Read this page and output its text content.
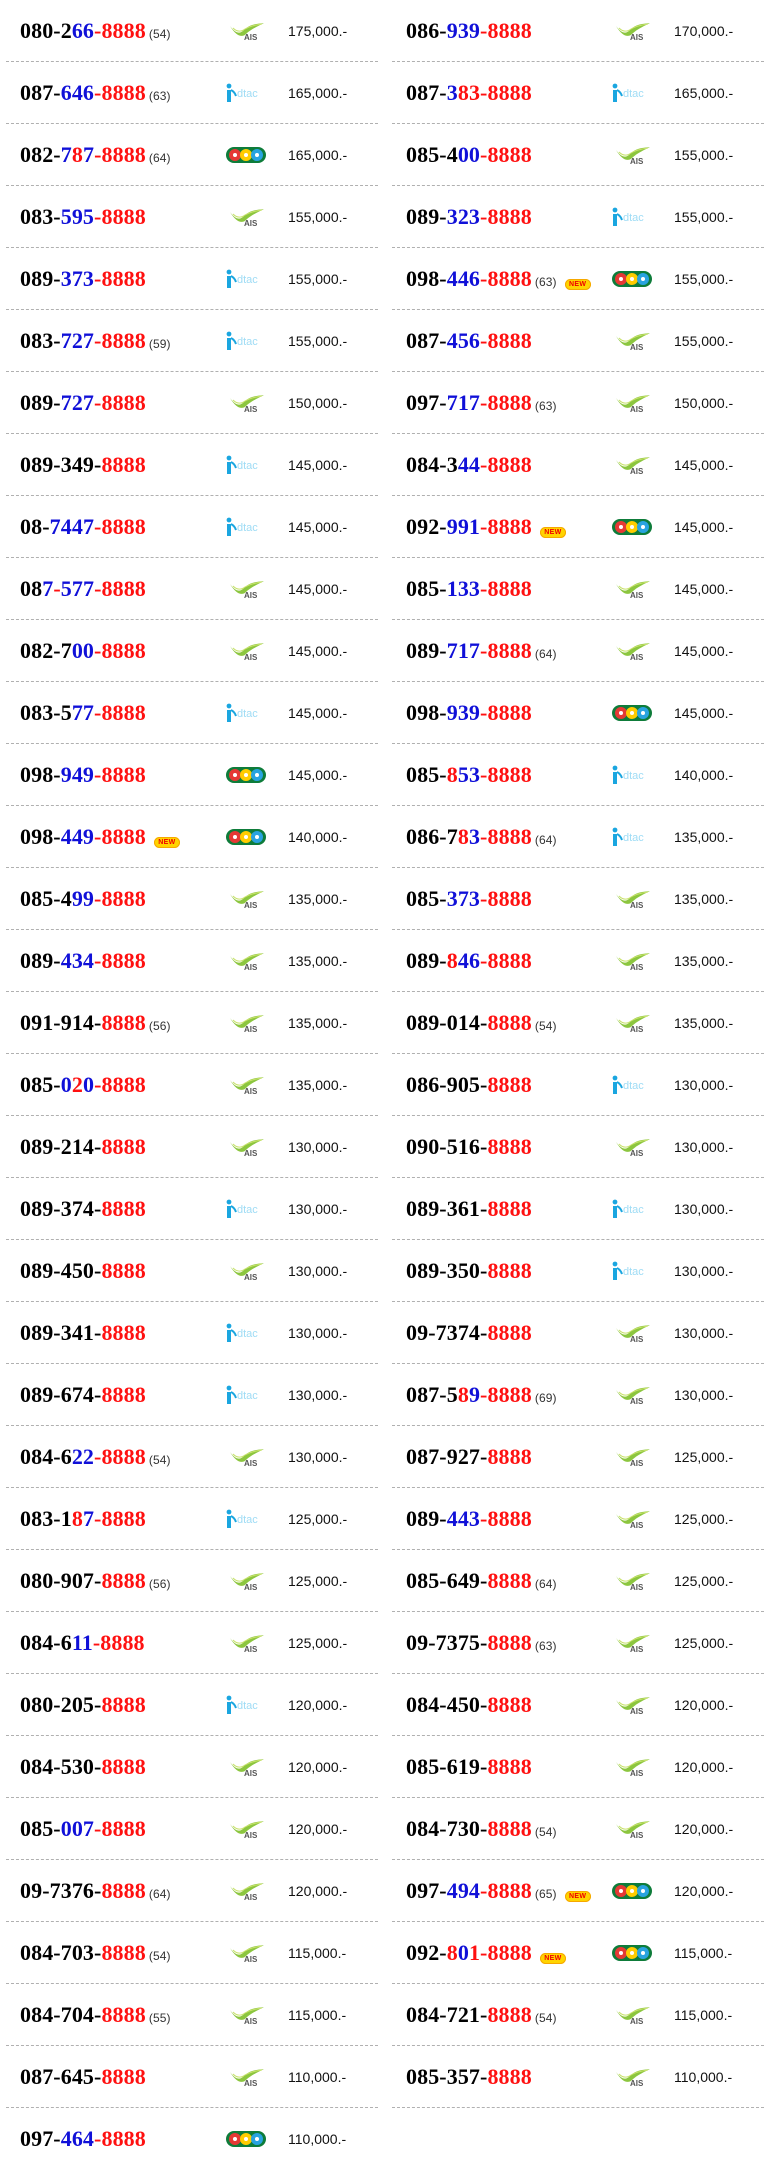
080-2 66 -8888 (54)	AIS 175,000.-	086- 939 -8888	AIS 170,000.-
087- 646 -8888 (63)	dtac 165,000.-	087- 3 83-8888	dtac 165,000.-
082- 7 8 7 -8888 (64)	165,000.-	085-4 00 -8888	AIS 155,000.-
083- 595 -8888	AIS 155,000.-	089- 323 -8888	dtac 155,000.-
089- 373 -8888	dtac 155,000.-	098- 446 -8888 (63)	NEW	155,000.-
083- 727 -8888 (59)	dtac 155,000.-	087- 456 -8888	AIS 155,000.-
089- 727 -8888	AIS 150,000.-	097- 717 -8888 (63)	AIS 150,000.-
089-349- 8888	dtac 145,000.-	084-3 44 -8888	AIS 145,000.-
08- 7447 -8888	dtac 145,000.-	092- 991 -8888	NEW	145,000.-
08 7 - 577 -8888	AIS 145,000.-	085- 133 -8888	AIS 145,000.-
082-7 00 -8888	AIS 145,000.-	089- 717 -8888 (64)	AIS 145,000.-
083-5 77 -8888	dtac 145,000.-	098- 939 -8888	145,000.-
098- 949 -8888	145,000.-	085- 8 53 -8888	dtac 140,000.-
098- 449 -8888	NEW	140,000.-	086-7 8 3 -8888 (64)	dtac 135,000.-
085-4 99 -8888	AIS 135,000.-	085- 373 -8888	AIS 135,000.-
089- 434 -8888	AIS 135,000.-	089- 8 46 -8888	AIS 135,000.-
091-914- 8888 (56)	AIS 135,000.-	089-014- 8888 (54)	AIS 135,000.-
085- 0 2 0 -8888	AIS 135,000.-	086-905- 8888	dtac 130,000.-
089-214- 8888	AIS 130,000.-	090-516- 8888	AIS 130,000.-
089-374- 8888	dtac 130,000.-	089-361- 8888	dtac 130,000.-
089-450- 8888	AIS 130,000.-	089-350- 8888	dtac 130,000.-
089-341- 8888	dtac 130,000.-	09-7374- 8888	AIS 130,000.-
089-674- 8888	dtac 130,000.-	087-5 8 9 -8888 (69)	AIS 130,000.-
084-6 22 -8888 (54)	AIS 130,000.-	087-927- 8888	AIS 125,000.-
083-1 8 7 -8888	dtac 125,000.-	089- 443 -8888	AIS 125,000.-
080-907- 8888 (56)	AIS 125,000.-	085-649- 8888 (64)	AIS 125,000.-
084-6 11 -8888	AIS 125,000.-	09-7375- 8888 (63)	AIS 125,000.-
080-205- 8888	dtac 120,000.-	084-450- 8888	AIS 120,000.-
084-530- 8888	AIS 120,000.-	085-619- 8888	AIS 120,000.-
085- 007 -8888	AIS 120,000.-	084-730- 8888 (54)	AIS 120,000.-
09-7376- 8888 (64)	AIS 120,000.-	097- 494 -8888 (65)	NEW	120,000.-
084-703- 8888 (54)	AIS 115,000.-	092- 8 0 1-8888	NEW	115,000.-
084-704- 8888 (55)	AIS 115,000.-	084-721- 8888 (54)	AIS 115,000.-
087-645- 8888	AIS 110,000.-	085-357- 8888	AIS 110,000.-
097- 464 -8888	110,000.-
